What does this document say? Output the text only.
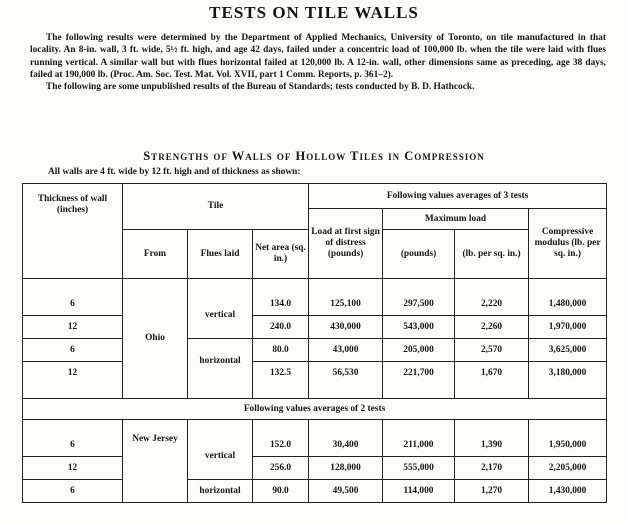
TESTS ON TILE WALLS

The following results were determined by the Department of Applied Mechanics, University of Toronto, on tile manufactured in that locality. An 8-in. wall, 3 ft. wide, 5½ ft. high, and age 42 days, failed under a concentric load of 100,000 lb. when the tile were laid with flues running vertical. A similar wall but with flues horizontal failed at 120,000 lb. A 12-in. wall, other dimensions same as preceding, age 38 days, failed at 190,000 lb. (Proc. Am. Soc. Test. Mat. Vol. XVII, part 1 Comm. Reports, p. 361–2).

The following are some unpublished results of the Bureau of Standards; tests conducted by B. D. Hathcock.

Strengths of Walls of Hollow Tiles in Compression
All walls are 4 ft. wide by 12 ft. high and of thickness as shown:
Thickness of wall (inches)	Tile			Following values averages of 3 tests			
				Load at first sign of distress (pounds)	Maximum load		Compressive modulus (lb. per sq. in.)
	From	Flues laid	Net area (sq. in.)		(pounds)	(lb. per sq. in.)	

6	Ohio	vertical	134.0	125,100	297,500	2,220	1,480,000
12			240.0	430,000	543,000	2,260	1,970,000
6		horizontal	80.0	43,000	205,000	2,570	3,625,000
12			132.5	56,530	221,700	1,670	3,180,000

Following values averages of 2 tests							

6	New Jersey	vertical	152.0	30,400	211,000	1,390	1,950,000
12			256.0	128,000	555,000	2,170	2,205,000
6		horizontal	90.0	49,500	114,000	1,270	1,430,000
